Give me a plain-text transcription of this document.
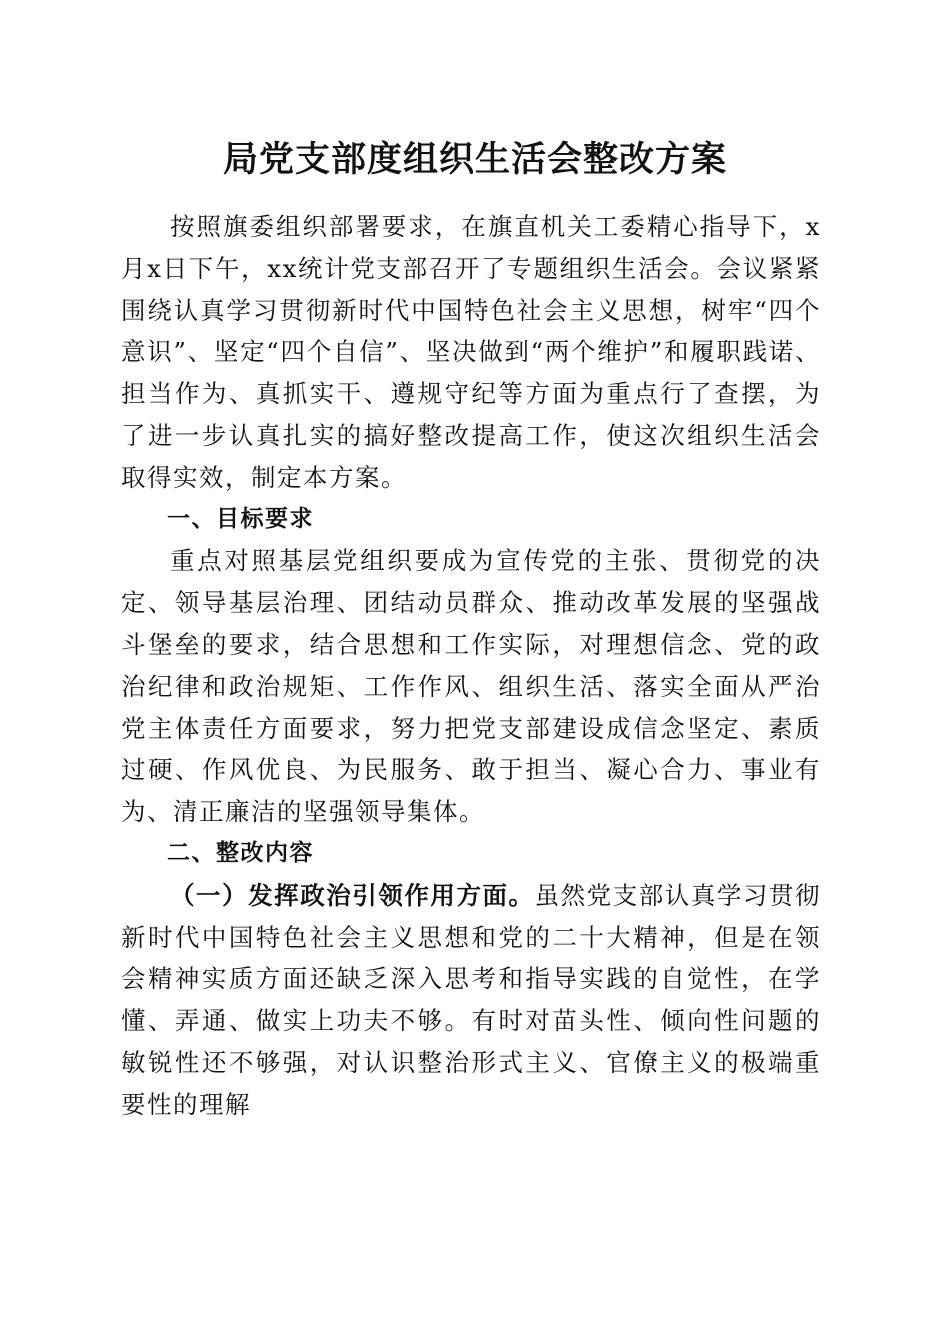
局党支部度组织生活会整改方案

按照旗委组织部署要求，在旗直机关工委精心指导下，x月x日下午，xx统计党支部召开了专题组织生活会。会议紧紧围绕认真学习贯彻新时代中国特色社会主义思想，树牢“四个意识”、坚定“四个自信”、坚决做到“两个维护”和履职践诺、担当作为、真抓实干、遵规守纪等方面为重点行了查摆，为了进一步认真扎实的搞好整改提高工作，使这次组织生活会取得实效，制定本方案。

一、目标要求

重点对照基层党组织要成为宣传党的主张、贯彻党的决定、领导基层治理、团结动员群众、推动改革发展的坚强战斗堡垒的要求，结合思想和工作实际，对理想信念、党的政治纪律和政治规矩、工作作风、组织生活、落实全面从严治党主体责任方面要求，努力把党支部建设成信念坚定、素质过硬、作风优良、为民服务、敢于担当、凝心合力、事业有为、清正廉洁的坚强领导集体。

二、整改内容

（一）发挥政治引领作用方面。虽然党支部认真学习贯彻新时代中国特色社会主义思想和党的二十大精神，但是在领会精神实质方面还缺乏深入思考和指导实践的自觉性，在学懂、弄通、做实上功夫不够。有时对苗头性、倾向性问题的敏锐性还不够强，对认识整治形式主义、官僚主义的极端重要性的理解
